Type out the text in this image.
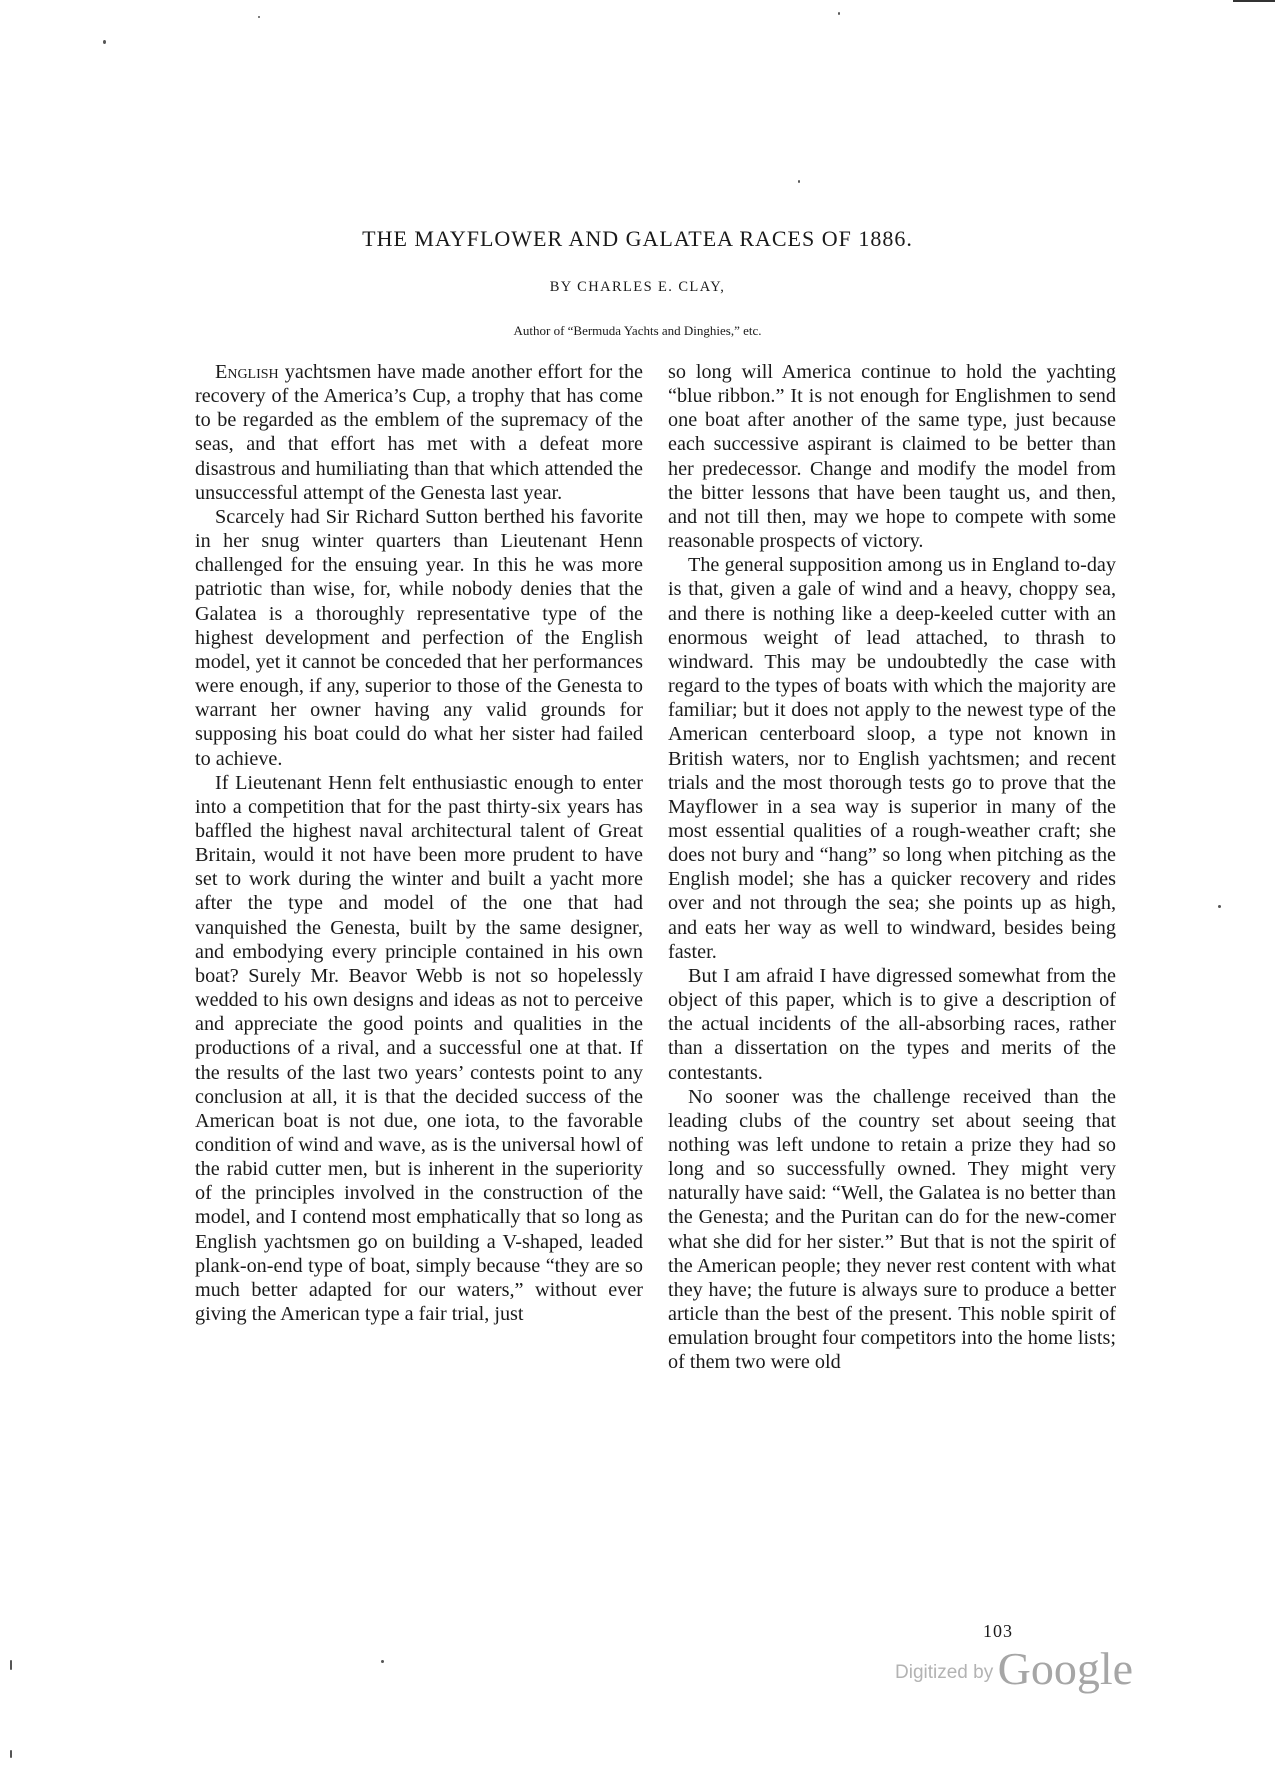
THE MAYFLOWER AND GALATEA RACES OF 1886.
BY CHARLES E. CLAY,
Author of “Bermuda Yachts and Dinghies,” etc.

English yachtsmen have made another effort for the recovery of the America’s Cup, a trophy that has come to be regarded as the emblem of the supremacy of the seas, and that effort has met with a defeat more disastrous and humiliating than that which attended the unsuccessful attempt of the Genesta last year.

Scarcely had Sir Richard Sutton berthed his favorite in her snug winter quarters than Lieutenant Henn challenged for the ensuing year. In this he was more patriotic than wise, for, while nobody denies that the Galatea is a thoroughly representative type of the highest development and perfection of the English model, yet it cannot be conceded that her performances were enough, if any, superior to those of the Genesta to warrant her owner having any valid grounds for supposing his boat could do what her sister had failed to achieve.

If Lieutenant Henn felt enthusiastic enough to enter into a competition that for the past thirty-six years has baffled the highest naval architectural talent of Great Britain, would it not have been more prudent to have set to work during the winter and built a yacht more after the type and model of the one that had vanquished the Genesta, built by the same designer, and embodying every principle contained in his own boat? Surely Mr. Beavor Webb is not so hopelessly wedded to his own designs and ideas as not to perceive and appreciate the good points and qualities in the productions of a rival, and a successful one at that. If the results of the last two years’ contests point to any conclusion at all, it is that the decided success of the American boat is not due, one iota, to the favorable condition of wind and wave, as is the universal howl of the rabid cutter men, but is inherent in the superiority of the principles involved in the construction of the model, and I contend most emphatically that so long as English yachtsmen go on building a V-shaped, leaded plank-on-end type of boat, simply because “they are so much better adapted for our waters,” without ever giving the American type a fair trial, just

so long will America continue to hold the yachting “blue ribbon.” It is not enough for Englishmen to send one boat after another of the same type, just because each successive aspirant is claimed to be better than her predecessor. Change and modify the model from the bitter lessons that have been taught us, and then, and not till then, may we hope to compete with some reasonable prospects of victory.

The general supposition among us in England to-day is that, given a gale of wind and a heavy, choppy sea, and there is nothing like a deep-keeled cutter with an enormous weight of lead attached, to thrash to windward. This may be undoubtedly the case with regard to the types of boats with which the majority are familiar; but it does not apply to the newest type of the American centerboard sloop, a type not known in British waters, nor to English yachtsmen; and recent trials and the most thorough tests go to prove that the Mayflower in a sea way is superior in many of the most essential qualities of a rough-weather craft; she does not bury and “hang” so long when pitching as the English model; she has a quicker recovery and rides over and not through the sea; she points up as high, and eats her way as well to windward, besides being faster.

But I am afraid I have digressed somewhat from the object of this paper, which is to give a description of the actual incidents of the all-absorbing races, rather than a dissertation on the types and merits of the contestants.

No sooner was the challenge received than the leading clubs of the country set about seeing that nothing was left undone to retain a prize they had so long and so successfully owned. They might very naturally have said: “Well, the Galatea is no better than the Genesta; and the Puritan can do for the new-comer what she did for her sister.” But that is not the spirit of the American people; they never rest content with what they have; the future is always sure to produce a better article than the best of the present. This noble spirit of emulation brought four competitors into the home lists; of them two were old

103
Digitized by Google
